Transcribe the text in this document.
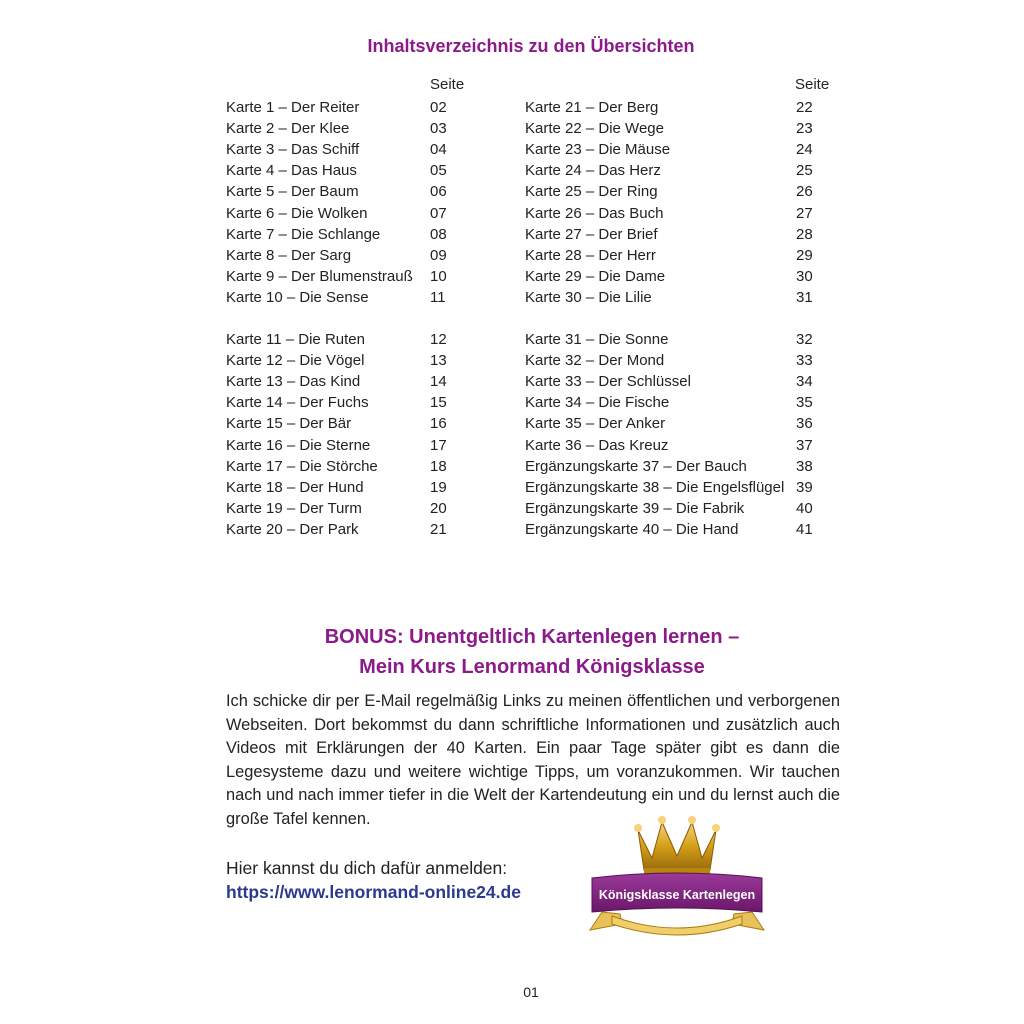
Inhaltsverzeichnis zu den Übersichten
Seite
Karte 1 – Der Reiter	02
Karte 2 – Der Klee	03
Karte 3 – Das Schiff	04
Karte 4 – Das Haus	05
Karte 5 – Der Baum	06
Karte 6 – Die Wolken	07
Karte 7 – Die Schlange	08
Karte 8 – Der Sarg	09
Karte 9 – Der Blumenstrauß 10
Karte 10 – Die Sense	11
Karte 11 – Die Ruten	12
Karte 12 – Die Vögel	13
Karte 13 – Das Kind	14
Karte 14 – Der Fuchs	15
Karte 15 – Der Bär	16
Karte 16 – Die Sterne	17
Karte 17 – Die Störche	18
Karte 18 – Der Hund	19
Karte 19 – Der Turm	20
Karte 20 – Der Park	21
Seite
Karte 21 – Der Berg	22
Karte 22 – Die Wege	23
Karte 23 – Die Mäuse	24
Karte 24 – Das Herz	25
Karte 25 – Der Ring	26
Karte 26 – Das Buch	27
Karte 27 – Der Brief	28
Karte 28 – Der Herr	29
Karte 29 – Die Dame	30
Karte 30 – Die Lilie	31
Karte 31 – Die Sonne	32
Karte 32 – Der Mond	33
Karte 33 – Der Schlüssel	34
Karte 34 – Die Fische	35
Karte 35 – Der Anker	36
Karte 36 – Das Kreuz	37
Ergänzungskarte 37 – Der Bauch	38
Ergänzungskarte 38 – Die Engelsflügel 39
Ergänzungskarte 39 – Die Fabrik	40
Ergänzungskarte 40 – Die Hand	41
BONUS: Unentgeltlich Kartenlegen lernen –
Mein Kurs Lenormand Königsklasse

Ich schicke dir per E-Mail regelmäßig Links zu meinen öffentlichen und verborgenen Webseiten. Dort bekommst du dann schriftliche Informationen und zusätzlich auch Videos mit Erklärungen der 40 Karten. Ein paar Tage später gibt es dann die Legesysteme dazu und weitere wichtige Tipps, um voranzukommen. Wir tauchen nach und nach immer tiefer in die Welt der Kartendeutung ein und du lernst auch die große Tafel kennen.

Hier kannst du dich dafür anmelden:

https://www.lenormand-online24.de	Königsklasse Kartenlegen
01
